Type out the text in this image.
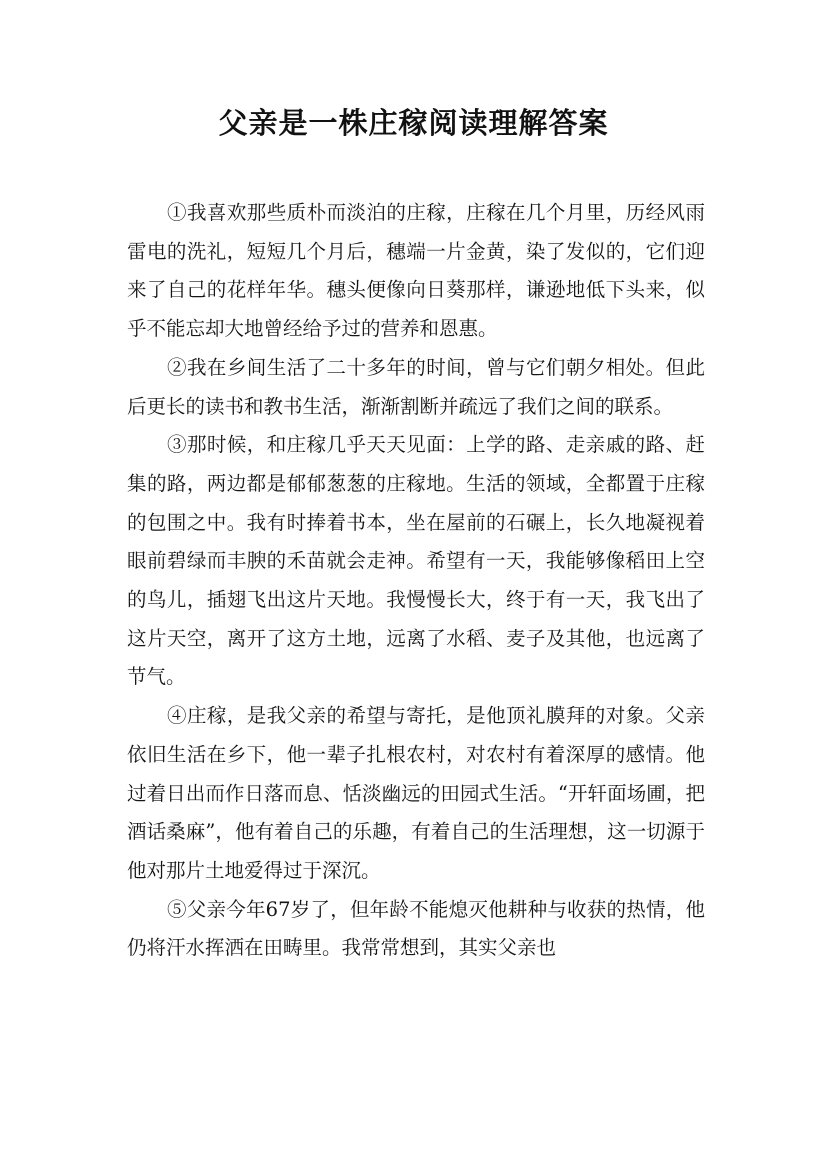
父亲是一株庄稼阅读理解答案

①我喜欢那些质朴而淡泊的庄稼，庄稼在几个月里，历经风雨雷电的洗礼，短短几个月后，穗端一片金黄，染了发似的，它们迎来了自己的花样年华。穗头便像向日葵那样，谦逊地低下头来，似乎不能忘却大地曾经给予过的营养和恩惠。

②我在乡间生活了二十多年的时间，曾与它们朝夕相处。但此后更长的读书和教书生活，渐渐割断并疏远了我们之间的联系。

③那时候，和庄稼几乎天天见面：上学的路、走亲戚的路、赶集的路，两边都是郁郁葱葱的庄稼地。生活的领域，全都置于庄稼的包围之中。我有时捧着书本，坐在屋前的石碾上，长久地凝视着眼前碧绿而丰腴的禾苗就会走神。希望有一天，我能够像稻田上空的鸟儿，插翅飞出这片天地。我慢慢长大，终于有一天，我飞出了这片天空，离开了这方土地，远离了水稻、麦子及其他，也远离了节气。

④庄稼，是我父亲的希望与寄托，是他顶礼膜拜的对象。父亲依旧生活在乡下，他一辈子扎根农村，对农村有着深厚的感情。他过着日出而作日落而息、恬淡幽远的田园式生活。“开轩面场圃，把酒话桑麻”，他有着自己的乐趣，有着自己的生活理想，这一切源于他对那片土地爱得过于深沉。

⑤父亲今年67岁了，但年龄不能熄灭他耕种与收获的热情，他仍将汗水挥洒在田畴里。我常常想到，其实父亲也
